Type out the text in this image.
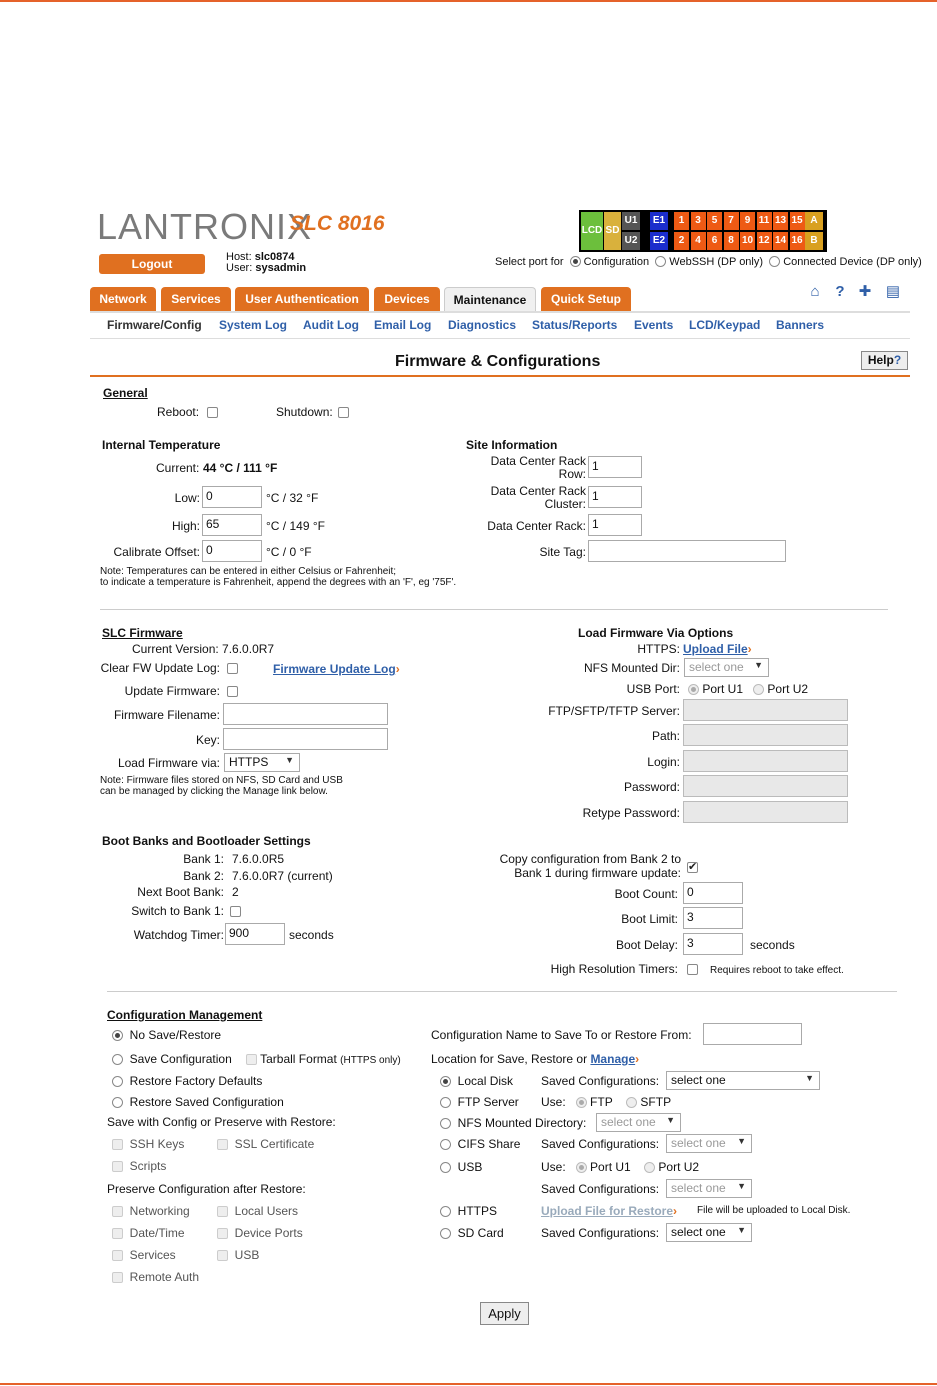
LANTRONIX
SLC 8016
Logout	Host: slc0874
User: sysadmin
LCD SD
U1
U2
E1
E2
1	3	5	7	9 11 13 15
2	4	6	8 10 12 14 16
A
B
Select port for Configuration WebSSH (DP only) Connected Device (DP only)
Network	Services	User Authentication	Devices	Maintenance	Quick Setup	⌂ ? ✚ ▤
Firmware/Config System Log Audit Log Email Log Diagnostics Status/Reports Events LCD/Keypad Banners
Firmware & Configurations	Help?
General
Reboot:	Shutdown:
Internal Temperature
Current: 44 °C / 111 °F
Low: 0	°C / 32 °F
High: 65	°C / 149 °F
Calibrate Offset: 0	°C / 0 °F
Note: Temperatures can be entered in either Celsius or Fahrenheit;
to indicate a temperature is Fahrenheit, append the degrees with an 'F', eg '75F'.
Site Information
Data Center Rack
Row:
1
Data Center Rack
Cluster:
1
Data Center Rack: 1
Site Tag:
SLC Firmware
Current Version: 7.6.0.0R7
Clear FW Update Log:	Firmware Update Log›
Update Firmware:
Firmware Filename:
Key:
Load Firmware via: HTTPS ▼
Note: Firmware files stored on NFS, SD Card and USB
can be managed by clicking the Manage link below.
Load Firmware Via Options
HTTPS: Upload File›
NFS Mounted Dir: select one ▼
USB Port:	Port U1 Port U2
FTP/SFTP/TFTP Server:
Path:
Login:
Password:
Retype Password:
Boot Banks and Bootloader Settings
Bank 1: 7.6.0.0R5
Bank 2: 7.6.0.0R7 (current)
Next Boot Bank: 2
Switch to Bank 1:
Watchdog Timer: 900	seconds
Copy configuration from Bank 2 to
Bank 1 during firmware update:
✔
Boot Count: 0
Boot Limit: 3
Boot Delay: 3	seconds
High Resolution Timers:	Requires reboot to take effect.
Configuration Management
No Save/Restore
Save Configuration	Tarball Format (HTTPS only)
Restore Factory Defaults
Restore Saved Configuration
Save with Config or Preserve with Restore:
SSH Keys	SSL Certificate
Scripts
Preserve Configuration after Restore:
Networking	Local Users
Date/Time	Device Ports
Services	USB
Remote Auth
Configuration Name to Save To or Restore From:
Location for Save, Restore or Manage›
Local Disk Saved Configurations: select one	▼
FTP Server Use: FTP SFTP
NFS Mounted Directory:	select one ▼
CIFS Share Saved Configurations: select one ▼
USB	Use: Port U1 Port U2
Saved Configurations: select one ▼
HTTPS	Upload File for Restore› File will be uploaded to Local Disk.
SD Card	Saved Configurations: select one ▼
Apply
